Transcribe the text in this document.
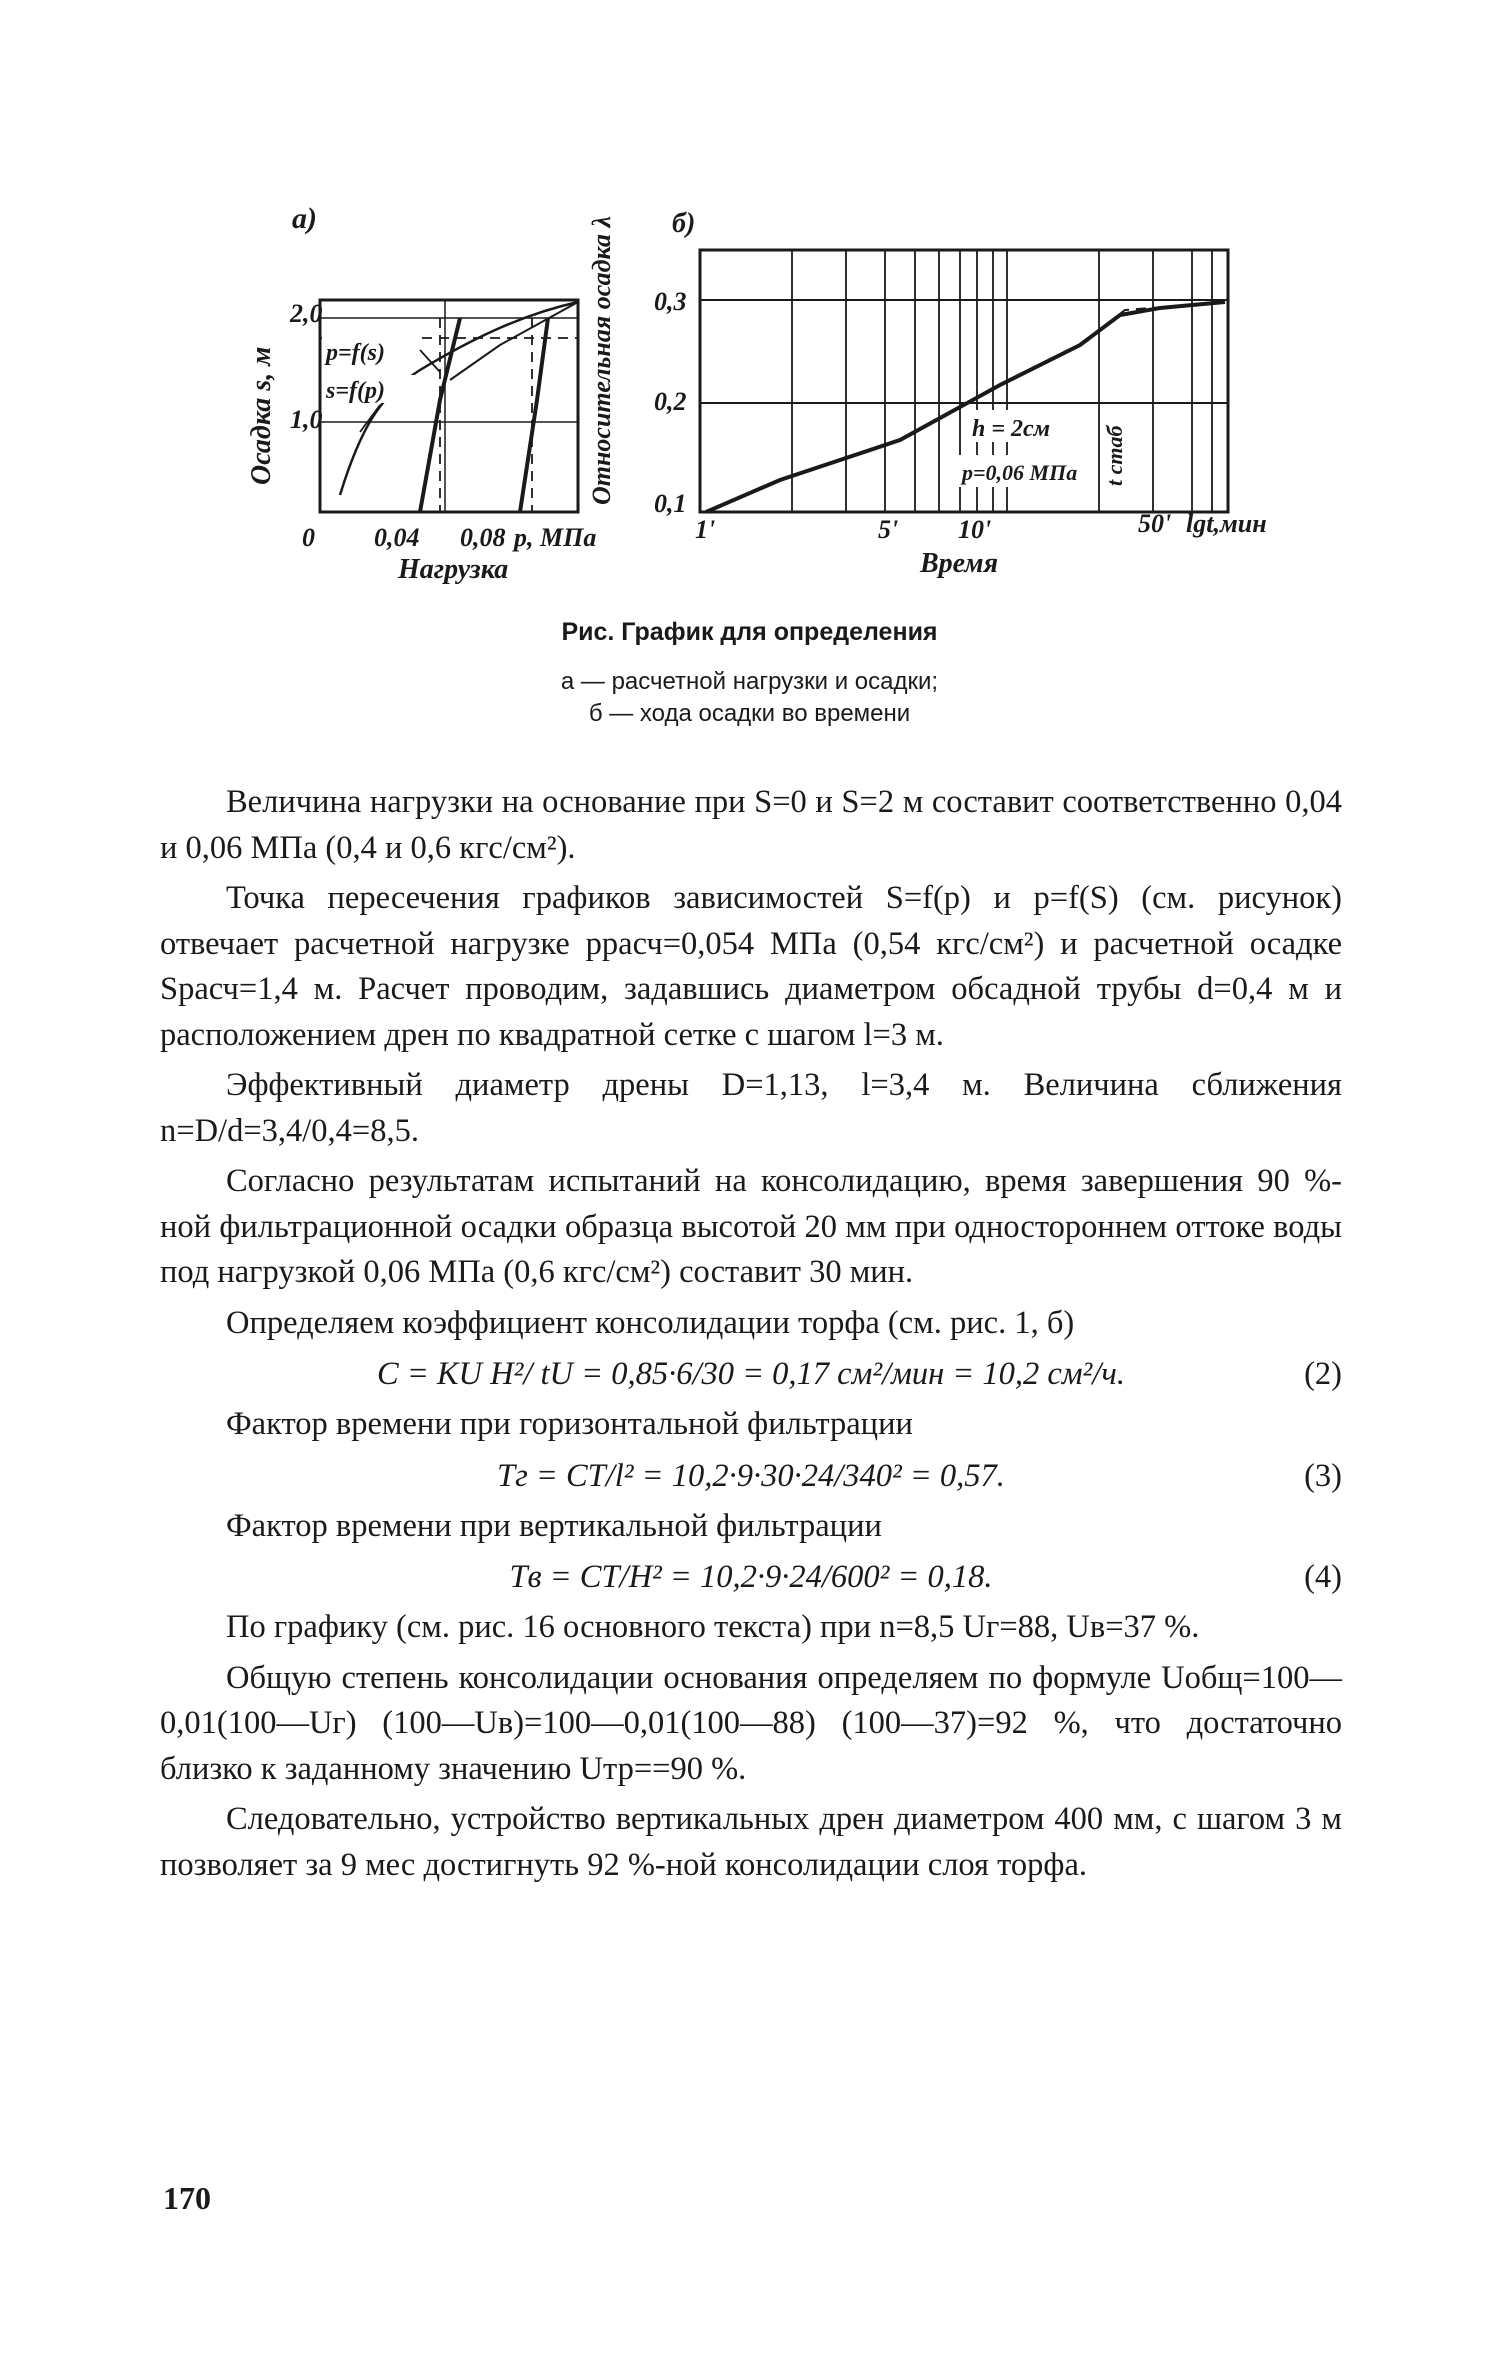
а)
p=f(s)
s=f(p)
2,0
1,0
Осадка s, м
0 0,04 0,08 p, МПа
Нагрузка
б)
h = 2см
p=0,06 МПа t стаб
0,3
0,2
0,1
Относительная осадка λ
1'	5' 10'	50' lgt,мин
Время
Рис. График для определения
а — расчетной нагрузки и осадки;
б — хода осадки во времени

Величина нагрузки на основание при S=0 и S=2 м составит соответственно 0,04 и 0,06 МПа (0,4 и 0,6 кгс/см²).

Точка пересечения графиков зависимостей S=f(p) и p=f(S) (см. рисунок) отвечает расчетной нагрузке pрасч=0,054 МПа (0,54 кгс/см²) и расчетной осадке Sрасч=1,4 м. Расчет проводим, задавшись диаметром обсадной трубы d=0,4 м и расположением дрен по квадратной сетке с шагом l=3 м.

Эффективный диаметр дрены D=1,13, l=3,4 м. Величина сближения n=D/d=3,4/0,4=8,5.

Согласно результатам испытаний на консолидацию, время завершения 90 %-ной фильтрационной осадки образца высотой 20 мм при одностороннем оттоке воды под нагрузкой 0,06 МПа (0,6 кгс/см²) составит 30 мин.

Определяем коэффициент консолидации торфа (см. рис. 1, б)

C = KU H²/ tU = 0,85·6/30 = 0,17 см²/мин = 10,2 см²/ч.	(2)

Фактор времени при горизонтальной фильтрации

Tг = CT/l² = 10,2·9·30·24/340² = 0,57.	(3)

Фактор времени при вертикальной фильтрации

Tв = CT/H² = 10,2·9·24/600² = 0,18.	(4)

По графику (см. рис. 16 основного текста) при n=8,5 Uг=88, Uв=37 %.

Общую степень консолидации основания определяем по формуле Uобщ=100—0,01(100—Uг) (100—Uв)=100—0,01(100—88) (100—37)=92 %, что достаточно близко к заданному значению Uтр==90 %.

Следовательно, устройство вертикальных дрен диаметром 400 мм, с шагом 3 м позволяет за 9 мес достигнуть 92 %-ной консолидации слоя торфа.

170
